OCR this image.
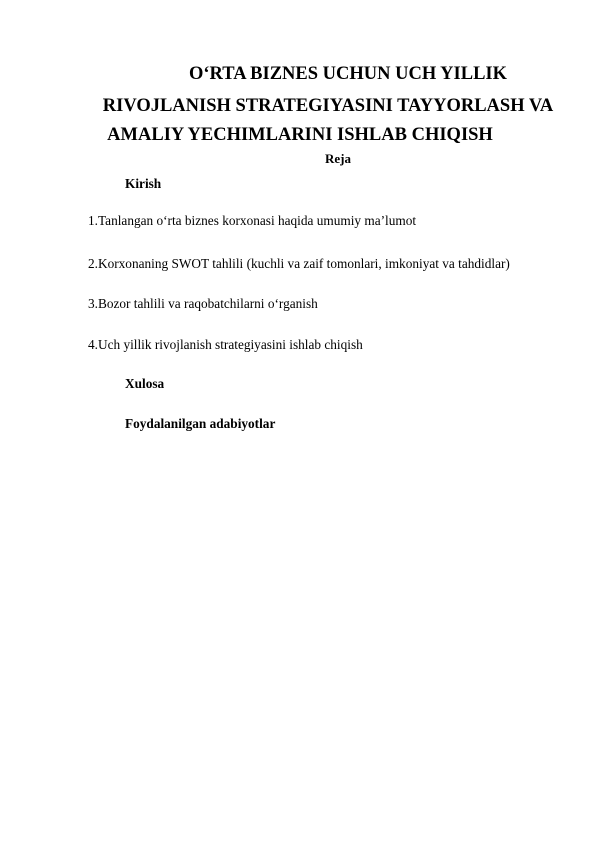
O‘RTA BIZNES UCHUN UCH YILLIK
RIVOJLANISH STRATEGIYASINI TAYYORLASH VA
AMALIY YECHIMLARINI ISHLAB CHIQISH
Reja
Kirish
1.Tanlangan o‘rta biznes korxonasi haqida umumiy ma’lumot
2.Korxonaning SWOT tahlili (kuchli va zaif tomonlari, imkoniyat va tahdidlar)
3.Bozor tahlili va raqobatchilarni o‘rganish
4.Uch yillik rivojlanish strategiyasini ishlab chiqish
Xulosa
Foydalanilgan adabiyotlar
